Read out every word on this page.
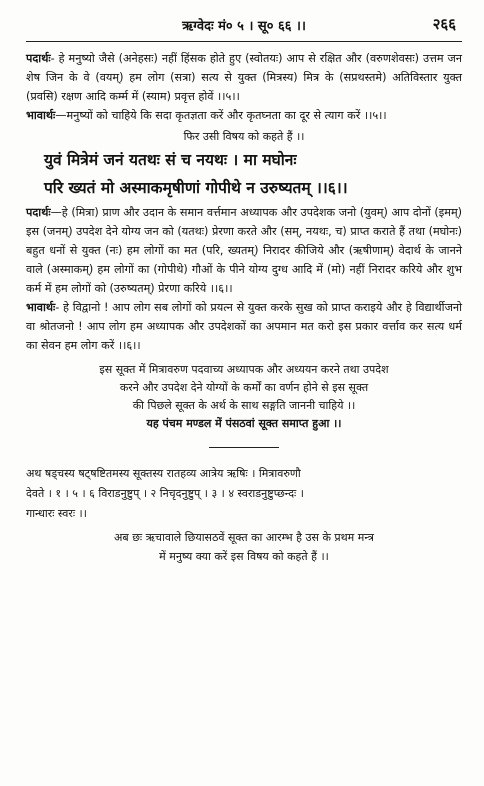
ऋग्वेदः मं० ५ । सू० ६६ ।।	२६६

पदार्थः- हे मनुष्यो जैसे (अनेहसः) नहीं हिंसक होते हुए (स्वोतयः) आप से रक्षित और (वरुणशेवसः) उत्तम जन शेष जिन के वे (वयम्) हम लोग (सत्रा) सत्य से युक्त (मित्रस्य) मित्र के (सप्रथस्तमे) अतिविस्तार युक्त (प्रवसि) रक्षण आदि कर्म्म में (स्याम) प्रवृत्त होवें ।।५।।

भावार्थः—मनुष्यों को चाहिये कि सदा कृतज्ञता करें और कृतघ्नता का दूर से त्याग करें ।।५।।

फिर उसी विषय को कहते हैं ।।
युवं मित्रेमं जनं यतथः सं च नयथः । मा मघोनः
परि ख्यतं मो अस्माकमृषीणां गोपीथे न उरुष्यतम् ।।६।।

पदार्थः—हे (मित्रा) प्राण और उदान के समान वर्त्तमान अध्यापक और उपदेशक जनो (युवम्) आप दोनों (इमम्) इस (जनम्) उपदेश देने योग्य जन को (यतथः) प्रेरणा करते और (सम्, नयथः, च) प्राप्त कराते हैं तथा (मघोनः) बहुत धनों से युक्त (नः) हम लोगों का मत (परि, ख्यतम्) निरादर कीजिये और (ऋषीणाम्) वेदार्थ के जानने वाले (अस्माकम्) हम लोगों का (गोपीथे) गौओं के पीने योग्य दुग्ध आदि में (मो) नहीं निरादर करिये और शुभ कर्म में हम लोगों को (उरुष्यतम्) प्रेरणा करिये ।।६।।

भावार्थः- हे विद्वानो ! आप लोग सब लोगों को प्रयत्न से युक्त करके सुख को प्राप्त कराइये और हे विद्यार्थीजनो वा श्रोतजनो ! आप लोग हम अध्यापक और उपदेशकों का अपमान मत करो इस प्रकार वर्त्ताव कर सत्य धर्म का सेवन हम लोग करें ।।६।।

इस सूक्त में मित्रावरुण पदवाच्य अध्यापक और अध्ययन करने तथा उपदेश
करने और उपदेश देने योग्यों के कर्मों का वर्णन होने से इस सूक्त
की पिछले सूक्त के अर्थ के साथ सङ्गति जाननी चाहिये ।।
यह पंचम मण्डल में पंसठवां सूक्त समाप्त हुआ ।।

अथ षड्चस्य षट्षष्टितमस्य सूक्तस्य रातहव्य आत्रेय ऋषिः । मित्रावरुणौ

देवते । १ । ५ । ६ विराडनुष्टुप् । २ निचृदनुष्टुप् । ३ । ४ स्वराडनुष्टुप्छन्दः ।

गान्धारः स्वरः ।।

अब छः ऋचावाले छियासठवें सूक्त का आरम्भ है उस के प्रथम मन्त्र
में मनुष्य क्या करें इस विषय को कहते हैं ।।
